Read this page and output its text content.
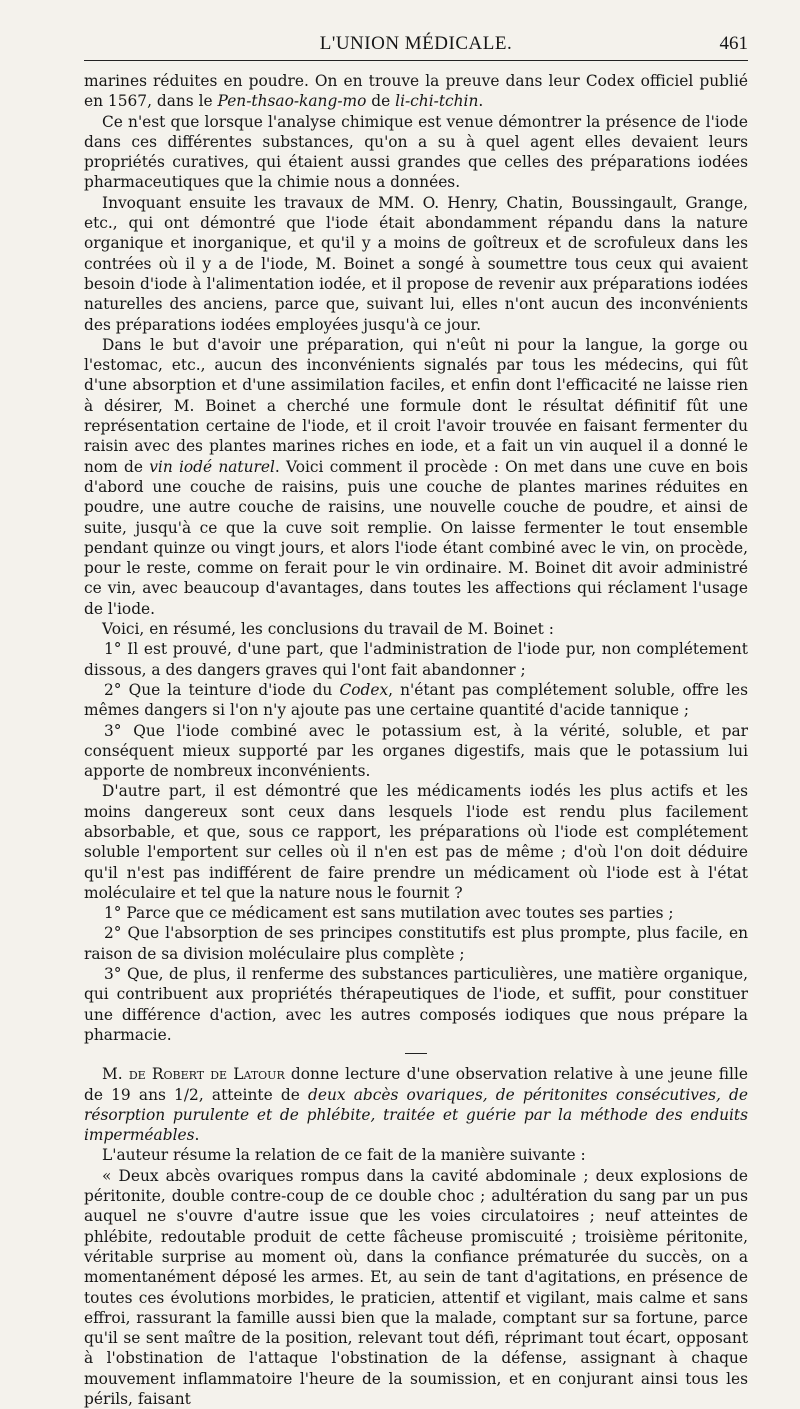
L'UNION MÉDICALE.	461

marines réduites en poudre. On en trouve la preuve dans leur Codex officiel publié en 1567, dans le Pen-thsao-kang-mo de li-chi-tchin.

Ce n'est que lorsque l'analyse chimique est venue démontrer la présence de l'iode dans ces différentes substances, qu'on a su à quel agent elles devaient leurs propriétés curatives, qui étaient aussi grandes que celles des préparations iodées pharmaceutiques que la chimie nous a données.

Invoquant ensuite les travaux de MM. O. Henry, Chatin, Boussingault, Grange, etc., qui ont démontré que l'iode était abondamment répandu dans la nature organique et inorganique, et qu'il y a moins de goîtreux et de scrofuleux dans les contrées où il y a de l'iode, M. Boinet a songé à soumettre tous ceux qui avaient besoin d'iode à l'alimentation iodée, et il propose de revenir aux préparations iodées naturelles des anciens, parce que, suivant lui, elles n'ont aucun des inconvénients des préparations iodées employées jusqu'à ce jour.

Dans le but d'avoir une préparation, qui n'eût ni pour la langue, la gorge ou l'estomac, etc., aucun des inconvénients signalés par tous les médecins, qui fût d'une absorption et d'une assimilation faciles, et enfin dont l'efficacité ne laisse rien à désirer, M. Boinet a cherché une formule dont le résultat définitif fût une représentation certaine de l'iode, et il croit l'avoir trouvée en faisant fermenter du raisin avec des plantes marines riches en iode, et a fait un vin auquel il a donné le nom de vin iodé naturel. Voici comment il procède : On met dans une cuve en bois d'abord une couche de raisins, puis une couche de plantes marines réduites en poudre, une autre couche de raisins, une nouvelle couche de poudre, et ainsi de suite, jusqu'à ce que la cuve soit remplie. On laisse fermenter le tout ensemble pendant quinze ou vingt jours, et alors l'iode étant combiné avec le vin, on procède, pour le reste, comme on ferait pour le vin ordinaire. M. Boinet dit avoir administré ce vin, avec beaucoup d'avantages, dans toutes les affections qui réclament l'usage de l'iode.

Voici, en résumé, les conclusions du travail de M. Boinet :

1° Il est prouvé, d'une part, que l'administration de l'iode pur, non complétement dissous, a des dangers graves qui l'ont fait abandonner ;

2° Que la teinture d'iode du Codex, n'étant pas complétement soluble, offre les mêmes dangers si l'on n'y ajoute pas une certaine quantité d'acide tannique ;

3° Que l'iode combiné avec le potassium est, à la vérité, soluble, et par conséquent mieux supporté par les organes digestifs, mais que le potassium lui apporte de nombreux inconvénients.

D'autre part, il est démontré que les médicaments iodés les plus actifs et les moins dangereux sont ceux dans lesquels l'iode est rendu plus facilement absorbable, et que, sous ce rapport, les préparations où l'iode est complétement soluble l'emportent sur celles où il n'en est pas de même ; d'où l'on doit déduire qu'il n'est pas indifférent de faire prendre un médicament où l'iode est à l'état moléculaire et tel que la nature nous le fournit ?

1° Parce que ce médicament est sans mutilation avec toutes ses parties ;

2° Que l'absorption de ses principes constitutifs est plus prompte, plus facile, en raison de sa division moléculaire plus complète ;

3° Que, de plus, il renferme des substances particulières, une matière organique, qui contribuent aux propriétés thérapeutiques de l'iode, et suffit, pour constituer une différence d'action, avec les autres composés iodiques que nous prépare la pharmacie.

M. de Robert de Latour donne lecture d'une observation relative à une jeune fille de 19 ans 1/2, atteinte de deux abcès ovariques, de péritonites consécutives, de résorption purulente et de phlébite, traitée et guérie par la méthode des enduits imperméables.

L'auteur résume la relation de ce fait de la manière suivante :

« Deux abcès ovariques rompus dans la cavité abdominale ; deux explosions de péritonite, double contre-coup de ce double choc ; adultération du sang par un pus auquel ne s'ouvre d'autre issue que les voies circulatoires ; neuf atteintes de phlébite, redoutable produit de cette fâcheuse promiscuité ; troisième péritonite, véritable surprise au moment où, dans la confiance prématurée du succès, on a momentanément déposé les armes. Et, au sein de tant d'agitations, en présence de toutes ces évolutions morbides, le praticien, attentif et vigilant, mais calme et sans effroi, rassurant la famille aussi bien que la malade, comptant sur sa fortune, parce qu'il se sent maître de la position, relevant tout défi, réprimant tout écart, opposant à l'obstination de l'attaque l'obstination de la défense, assignant à chaque mouvement inflammatoire l'heure de la soumission, et en conjurant ainsi tous les périls, faisant
